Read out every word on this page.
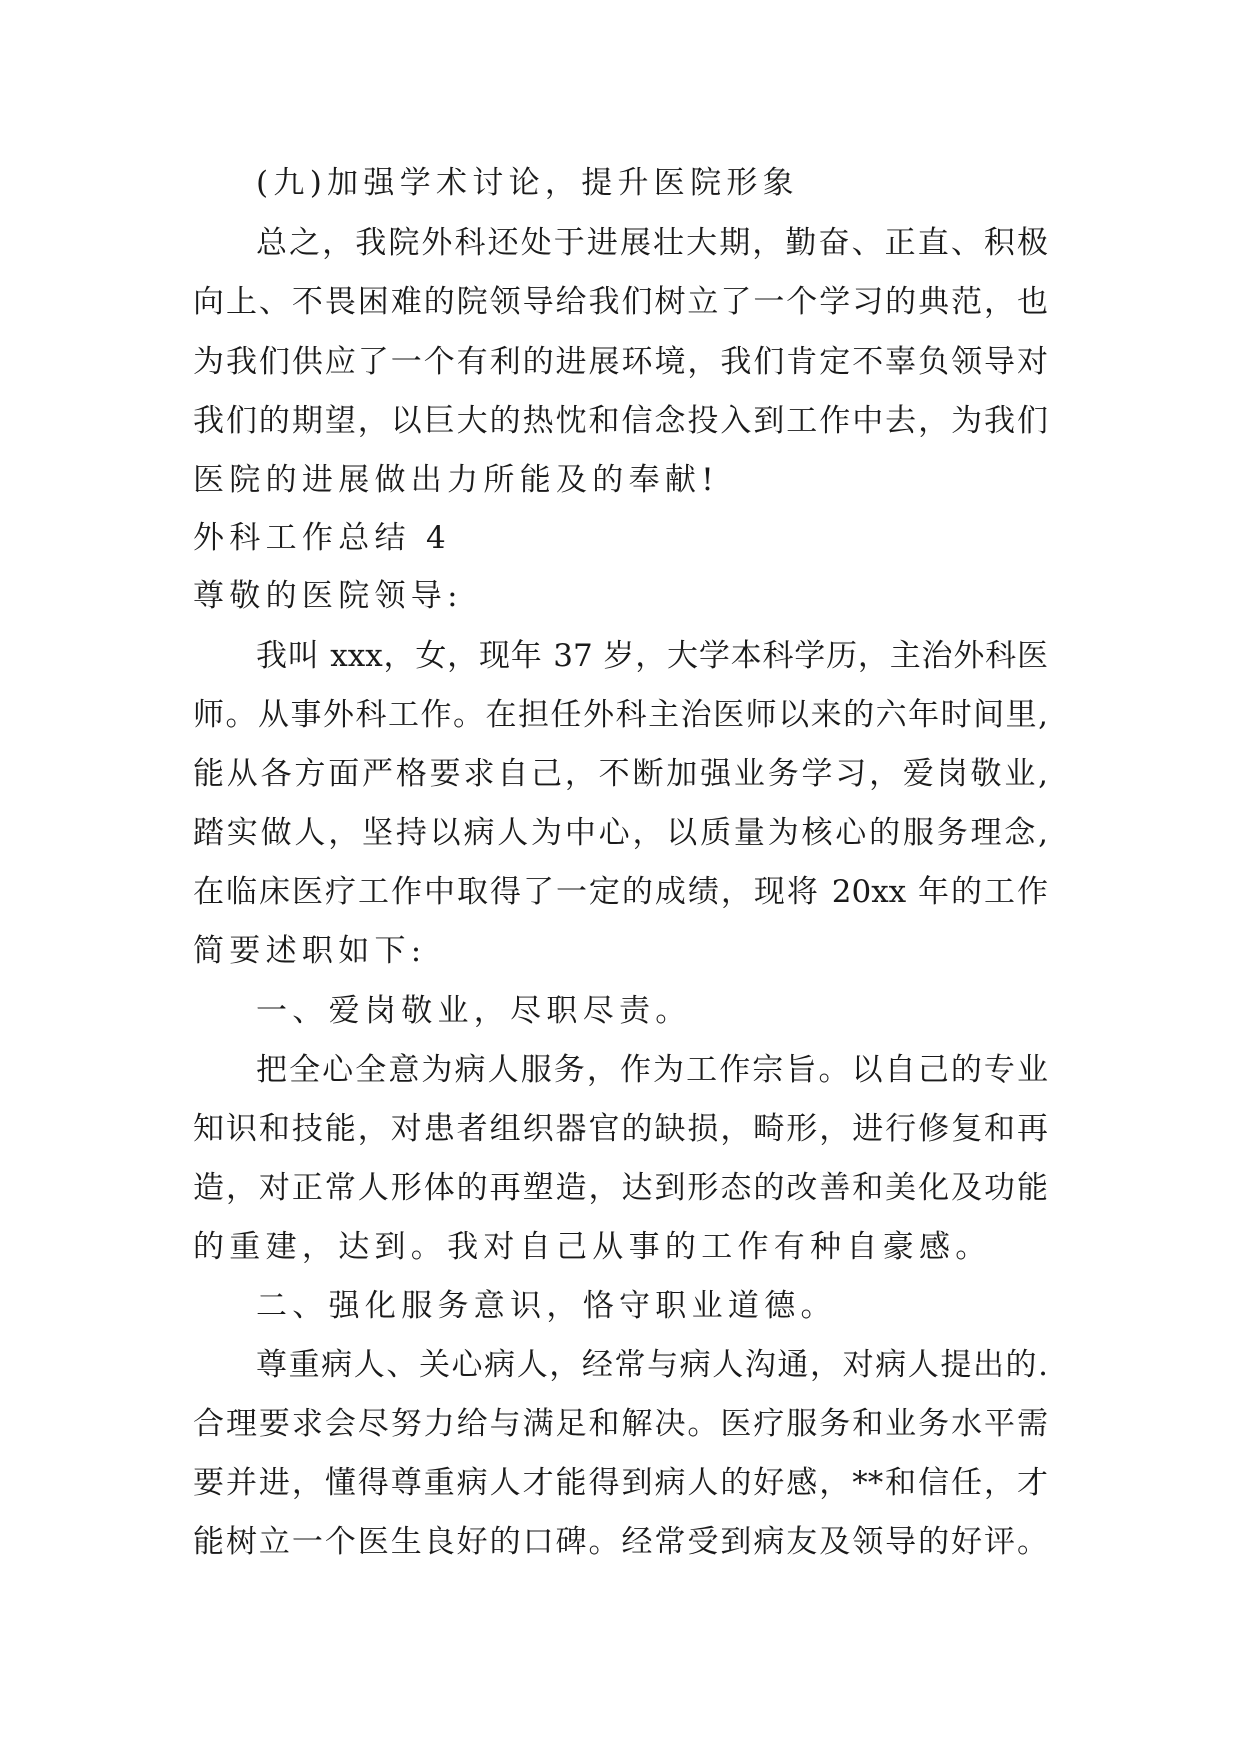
(九)加强学术讨论，提升医院形象
总之，我院外科还处于进展壮大期，勤奋、正直、积极
向上、不畏困难的院领导给我们树立了一个学习的典范，也
为我们供应了一个有利的进展环境，我们肯定不辜负领导对
我们的期望，以巨大的热忱和信念投入到工作中去，为我们
医院的进展做出力所能及的奉献!
外科工作总结 4
尊敬的医院领导:
我叫 xxx，女，现年 37 岁，大学本科学历，主治外科医
师。从事外科工作。在担任外科主治医师以来的六年时间里,
能从各方面严格要求自己，不断加强业务学习，爱岗敬业,
踏实做人，坚持以病人为中心，以质量为核心的服务理念,
在临床医疗工作中取得了一定的成绩，现将 20xx 年的工作
简要述职如下:
一、爱岗敬业，尽职尽责。
把全心全意为病人服务，作为工作宗旨。以自己的专业
知识和技能，对患者组织器官的缺损，畸形，进行修复和再
造，对正常人形体的再塑造，达到形态的改善和美化及功能
的重建，达到。我对自己从事的工作有种自豪感。
二、强化服务意识，恪守职业道德。
尊重病人、关心病人，经常与病人沟通，对病人提出的.
合理要求会尽努力给与满足和解决。医疗服务和业务水平需
要并进，懂得尊重病人才能得到病人的好感，**和信任，才
能树立一个医生良好的口碑。经常受到病友及领导的好评。
